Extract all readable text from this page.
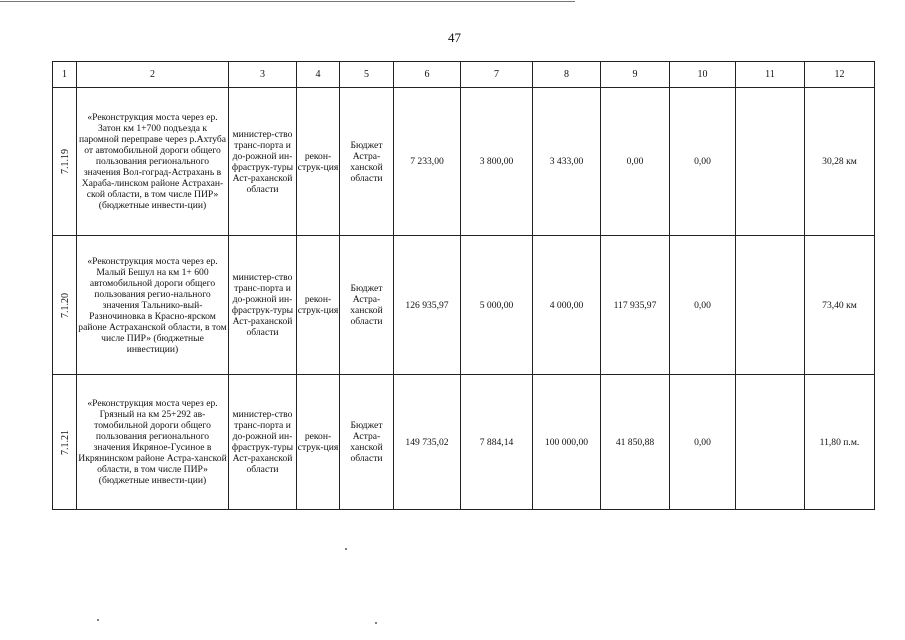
47
1	2	3	4	5	6	7	8	9	10	11	12
7.1.19	«Реконструкция моста через ер. Затон км 1+700 подъезда к паромной переправе через р.Ахтуба от автомобильной дороги общего пользования регионального значения Вол-гоград-Астрахань в Хараба-линском районе Астрахан-ской области, в том числе ПИР» (бюджетные инвести-ции)	министер-ство транс-порта и до-рожной ин-фраструк-туры Аст-раханской области	рекон-струк-ция	Бюджет Астра-ханской области	7 233,00	3 800,00	3 433,00	0,00	0,00		30,28 км
7.1.20	«Реконструкция моста через ер. Малый Бешул на км 1+ 600 автомобильной дороги общего пользования регио-нального значения Тальнико-вый-Разночиновка в Красно-ярском районе Астраханской области, в том числе ПИР» (бюджетные инвестиции)	министер-ство транс-порта и до-рожной ин-фраструк-туры Аст-раханской области	рекон-струк-ция	Бюджет Астра-ханской области	126 935,97	5 000,00	4 000,00	117 935,97	0,00		73,40 км
7.1.21	«Реконструкция моста через ер. Грязный на км 25+292 ав-томобильной дороги общего пользования регионального значения Икряное-Гусиное в Икрянинском районе Астра-ханской области, в том числе ПИР» (бюджетные инвести-ции)	министер-ство транс-порта и до-рожной ин-фраструк-туры Аст-раханской области	рекон-струк-ция	Бюджет Астра-ханской области	149 735,02	7 884,14	100 000,00	41 850,88	0,00		11,80 п.м.
